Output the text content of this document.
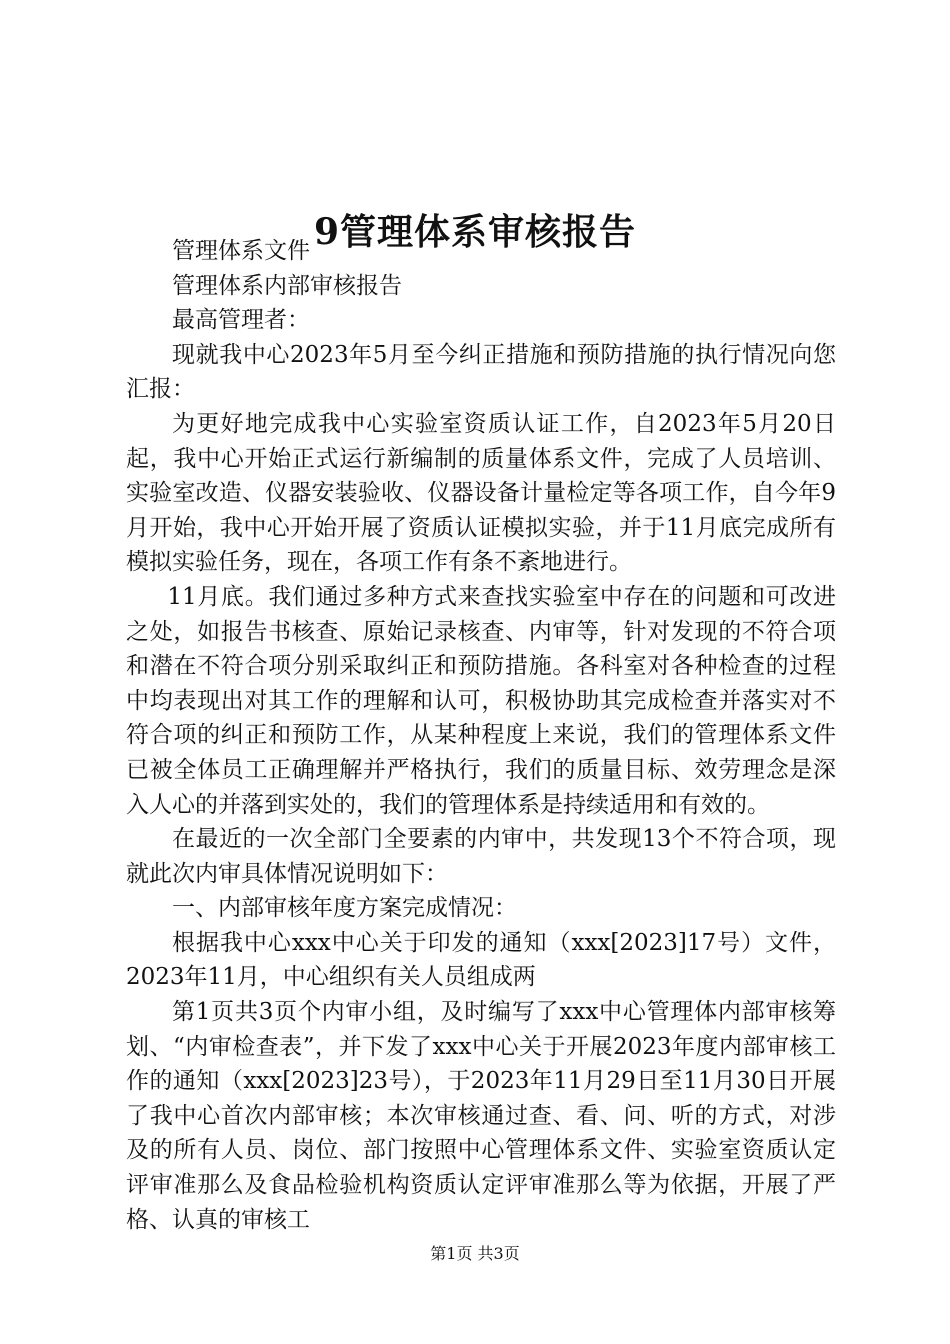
9管理体系审核报告

管理体系文件

管理体系内部审核报告

最高管理者：

现就我中心2023年5月至今纠正措施和预防措施的执行情况向您汇报：

为更好地完成我中心实验室资质认证工作，自2023年5月20日起，我中心开始正式运行新编制的质量体系文件，完成了人员培训、实验室改造、仪器安装验收、仪器设备计量检定等各项工作，自今年9月开始，我中心开始开展了资质认证模拟实验，并于11月底完成所有模拟实验任务，现在，各项工作有条不紊地进行。

11月底。我们通过多种方式来查找实验室中存在的问题和可改进之处，如报告书核查、原始记录核查、内审等，针对发现的不符合项和潜在不符合项分别采取纠正和预防措施。各科室对各种检查的过程中均表现出对其工作的理解和认可，积极协助其完成检查并落实对不符合项的纠正和预防工作，从某种程度上来说，我们的管理体系文件已被全体员工正确理解并严格执行，我们的质量目标、效劳理念是深入人心的并落到实处的，我们的管理体系是持续适用和有效的。

在最近的一次全部门全要素的内审中，共发现13个不符合项，现就此次内审具体情况说明如下：

一、内部审核年度方案完成情况：

根据我中心xxx中心关于印发的通知（xxx[2023]17号）文件，2023年11月，中心组织有关人员组成两

第1页共3页个内审小组，及时编写了xxx中心管理体内部审核筹划、“内审检查表”，并下发了xxx中心关于开展2023年度内部审核工作的通知（xxx[2023]23号），于2023年11月29日至11月30日开展了我中心首次内部审核；本次审核通过查、看、问、听的方式，对涉及的所有人员、岗位、部门按照中心管理体系文件、实验室资质认定评审准那么及食品检验机构资质认定评审准那么等为依据，开展了严格、认真的审核工

第1页 共3页
